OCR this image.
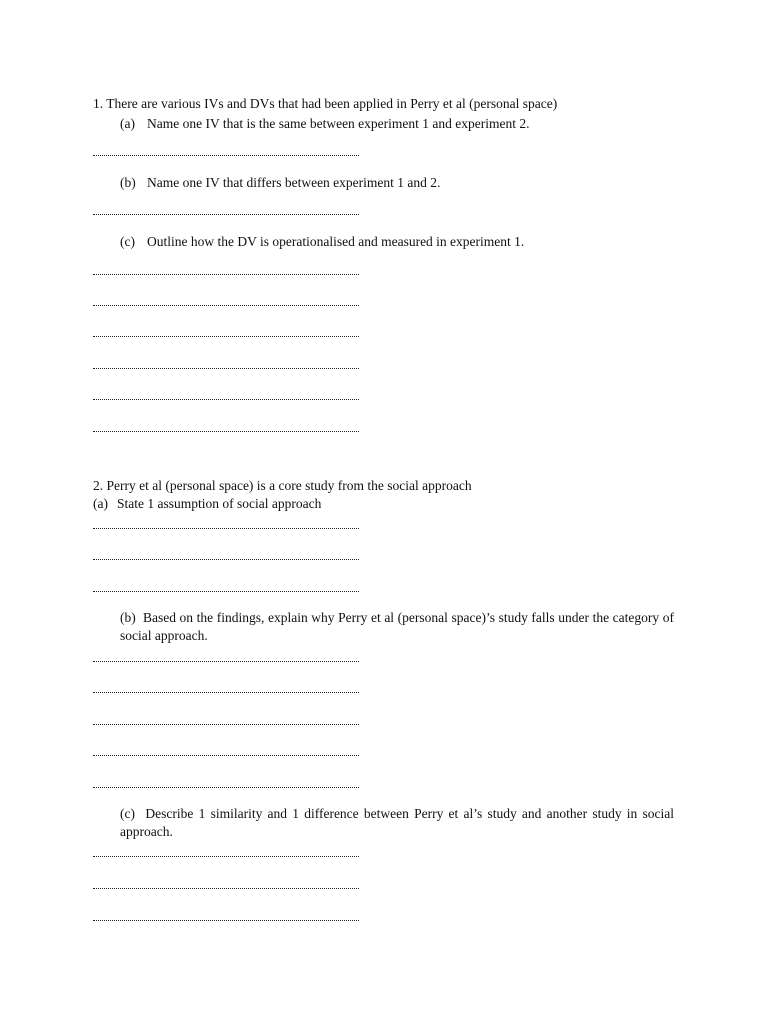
1. There are various IVs and DVs that had been applied in Perry et al (personal space)
(a) Name one IV that is the same between experiment 1 and experiment 2.
(b) Name one IV that differs between experiment 1 and 2.
(c) Outline how the DV is operationalised and measured in experiment 1.
2. Perry et al (personal space) is a core study from the social approach
(a) State 1 assumption of social approach
(b) Based on the findings, explain why Perry et al (personal space)’s study falls under the category of social approach.
(c) Describe 1 similarity and 1 difference between Perry et al’s study and another study in social approach.
